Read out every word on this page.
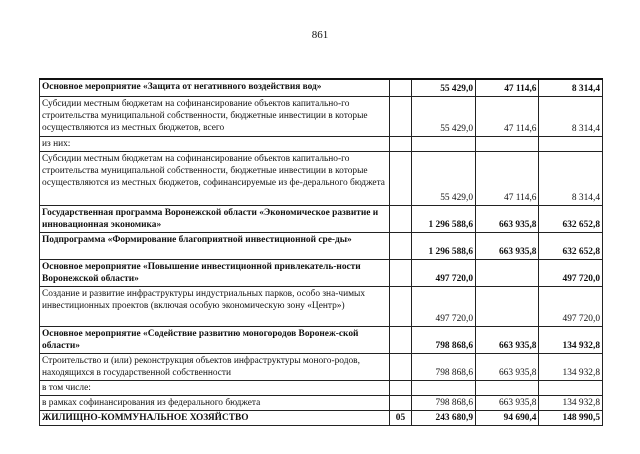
861
Основное мероприятие «Защита от негативного воздействия вод»		55 429,0	47 114,6	8 314,4
Субсидии местным бюджетам на софинансирование объектов капитально-го строительства муниципальной собственности, бюджетные инвестиции в которые осуществляются из местных бюджетов, всего		55 429,0	47 114,6	8 314,4
из них:				
Субсидии местным бюджетам на софинансирование объектов капитально-го строительства муниципальной собственности, бюджетные инвестиции в которые осуществляются из местных бюджетов, софинансируемые из фе-дерального бюджета		55 429,0	47 114,6	8 314,4
Государственная программа Воронежской области «Экономическое развитие и инновационная экономика»		1 296 588,6	663 935,8	632 652,8
Подпрограмма «Формирование благоприятной инвестиционной сре-ды»		1 296 588,6	663 935,8	632 652,8
Основное мероприятие «Повышение инвестиционной привлекатель-ности Воронежской области»		497 720,0		497 720,0
Создание и развитие инфраструктуры индустриальных парков, особо зна-чимых инвестиционных проектов (включая особую экономическую зону «Центр»)		497 720,0		497 720,0
Основное мероприятие «Содействие развитию моногородов Воронеж-ской области»		798 868,6	663 935,8	134 932,8
Строительство и (или) реконструкция объектов инфраструктуры моного-родов, находящихся в государственной собственности		798 868,6	663 935,8	134 932,8
в том числе:				
в рамках софинансирования из федерального бюджета		798 868,6	663 935,8	134 932,8
ЖИЛИЩНО-КОММУНАЛЬНОЕ ХОЗЯЙСТВО	05	243 680,9	94 690,4	148 990,5
